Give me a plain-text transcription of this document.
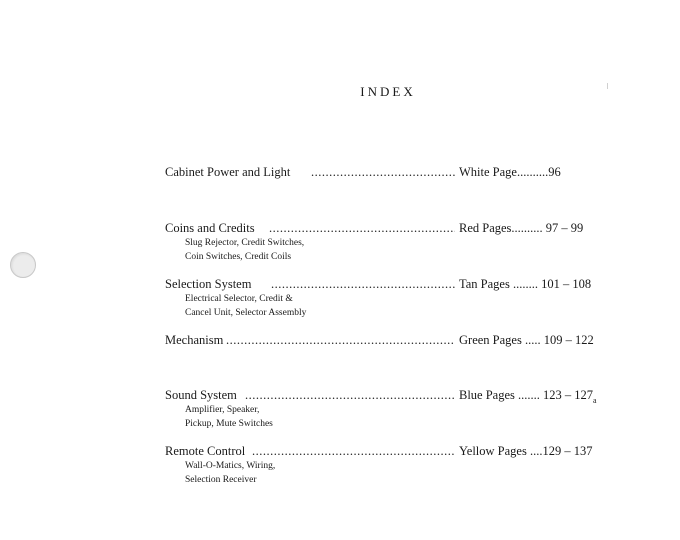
INDEX
Cabinet Power and Light .....	White Page..........96
Coins and Credits .....	Red Pages.......... 97 – 99
Slug Rejector, Credit Switches,
Coin Switches, Credit Coils
Selection System .....	Tan Pages ........ 101 – 108
Electrical Selector, Credit &
Cancel Unit, Selector Assembly
Mechanism .....	Green Pages ..... 109 – 122
Sound System .....	Blue Pages ....... $123 - 127_a$
Amplifier, Speaker,
Pickup, Mute Switches
Remote Control .....	Yellow Pages ....129 – 137
Wall-O-Matics, Wiring,
Selection Receiver
